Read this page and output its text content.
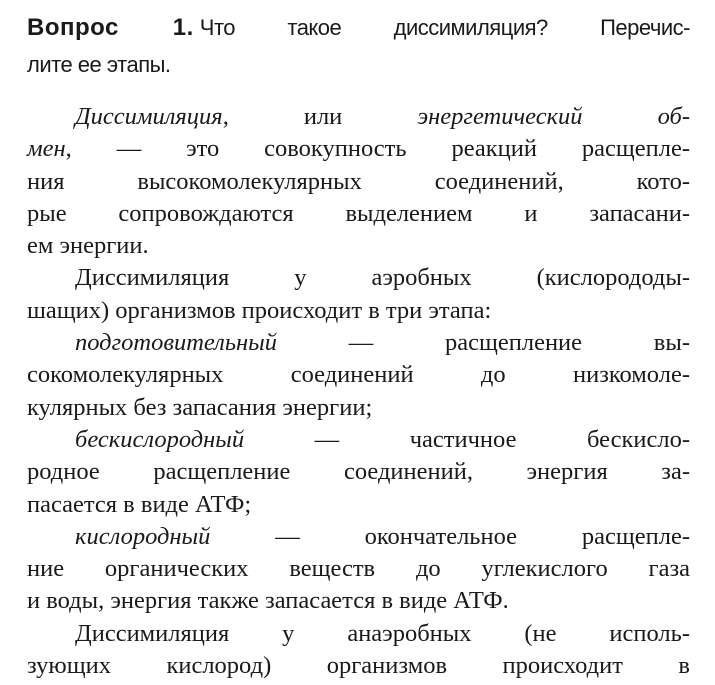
Вопрос 1. Что такое диссимиляция? Перечис-
лите ее этапы.
Диссимиляция, или энергетический об-
мен, — это совокупность реакций расщепле-
ния высокомолекулярных соединений, кото-
рые сопровождаются выделением и запасани-
ем энергии.
Диссимиляция у аэробных (кислорододы-
шащих) организмов происходит в три этапа:
подготовительный — расщепление вы-
сокомолекулярных соединений до низкомоле-
кулярных без запасания энергии;
бескислородный — частичное бескисло-
родное расщепление соединений, энергия за-
пасается в виде АТФ;
кислородный — окончательное расщепле-
ние органических веществ до углекислого газа
и воды, энергия также запасается в виде АТФ.
Диссимиляция у анаэробных (не исполь-
зующих кислород) организмов происходит в
